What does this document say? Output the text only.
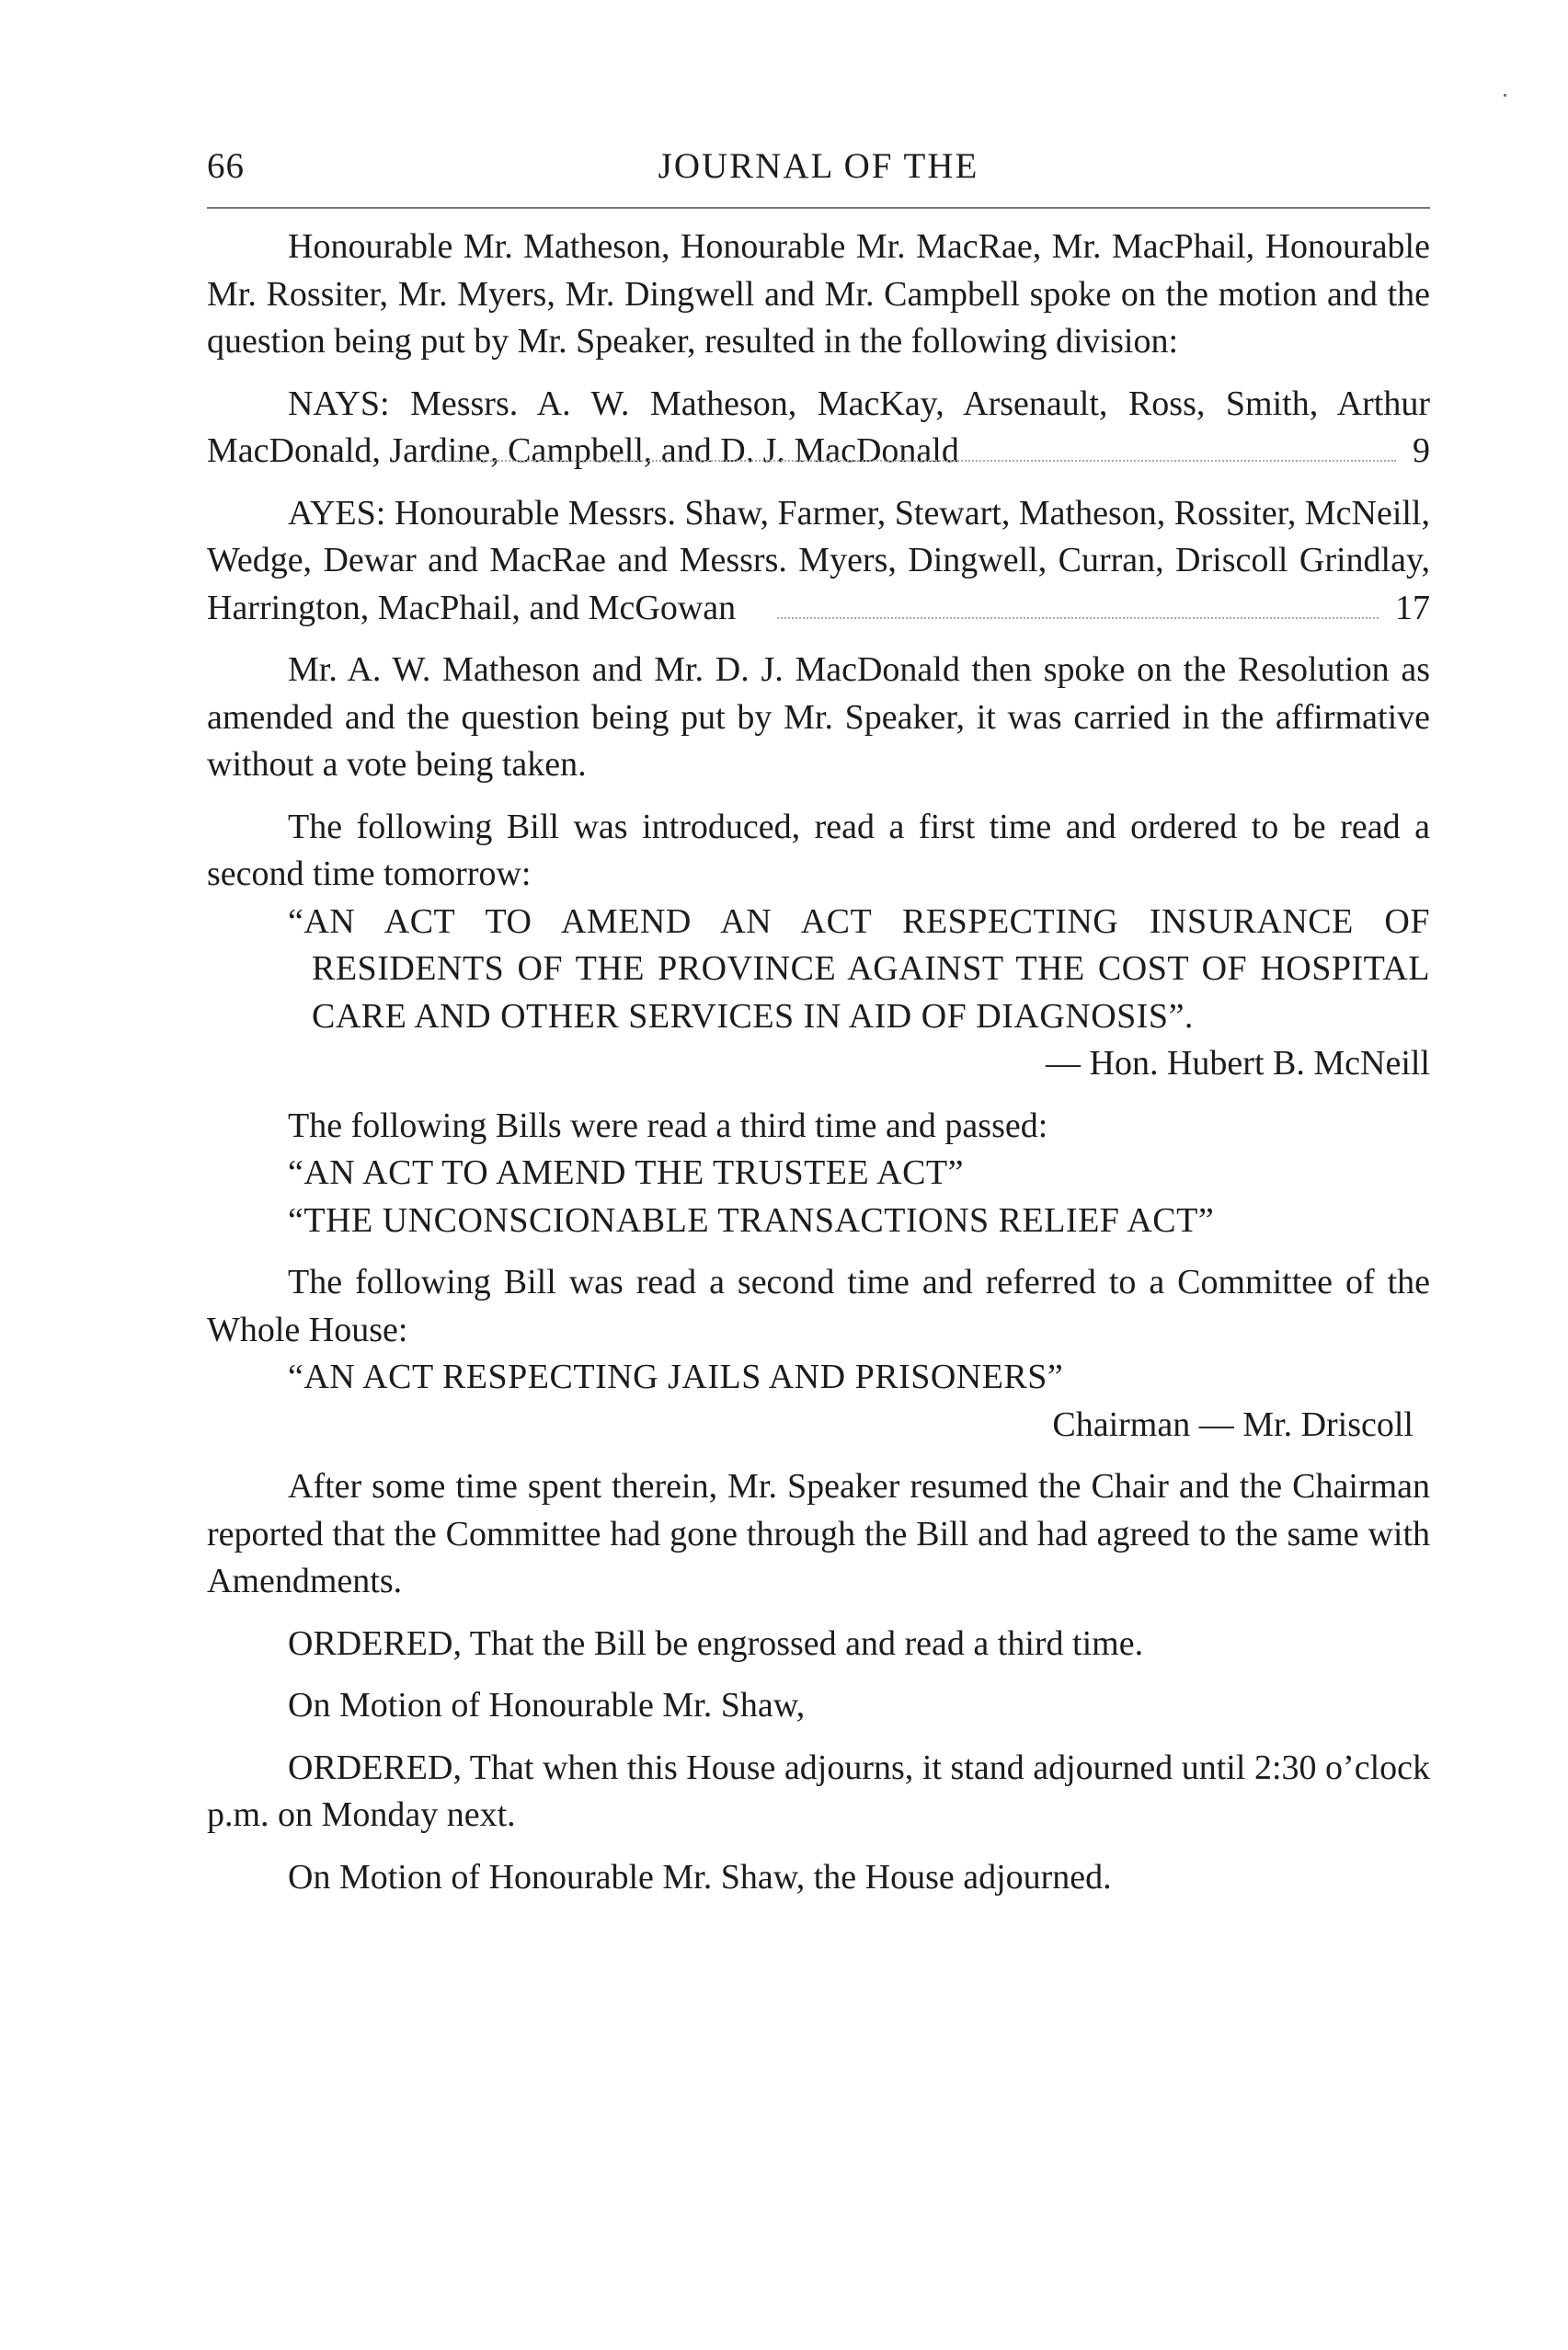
66	JOURNAL OF THE

Honourable Mr. Matheson, Honourable Mr. MacRae, Mr. MacPhail, Honourable Mr. Rossiter, Mr. Myers, Mr. Dingwell and Mr. Campbell spoke on the motion and the question being put by Mr. Speaker, resulted in the following division:

NAYS: Messrs. A. W. Matheson, MacKay, Arsenault, Ross, Smith, Arthur MacDonald, Jardine, Campbell, and D. J. MacDonald	9
AYES: Honourable Messrs. Shaw, Farmer, Stewart, Matheson, Rossiter, McNeill, Wedge, Dewar and MacRae and Messrs. Myers, Dingwell, Curran, Driscoll Grindlay, Harrington, MacPhail, and McGowan	17

Mr. A. W. Matheson and Mr. D. J. MacDonald then spoke on the Resolution as amended and the question being put by Mr. Speaker, it was carried in the affirmative without a vote being taken.

The following Bill was introduced, read a first time and ordered to be read a second time tomorrow:

“AN ACT TO AMEND AN ACT RESPECTING INSURANCE OF RESIDENTS OF THE PROVINCE AGAINST THE COST OF HOSPITAL CARE AND OTHER SERVICES IN AID OF DIAGNOSIS”.

— Hon. Hubert B. McNeill

The following Bills were read a third time and passed:

“AN ACT TO AMEND THE TRUSTEE ACT”

“THE UNCONSCIONABLE TRANSACTIONS RELIEF ACT”

The following Bill was read a second time and referred to a Committee of the Whole House:

“AN ACT RESPECTING JAILS AND PRISONERS”

Chairman — Mr. Driscoll

After some time spent therein, Mr. Speaker resumed the Chair and the Chairman reported that the Committee had gone through the Bill and had agreed to the same with Amendments.

ORDERED, That the Bill be engrossed and read a third time.

On Motion of Honourable Mr. Shaw,

ORDERED, That when this House adjourns, it stand adjourned until 2:30 o’clock p.m. on Monday next.

On Motion of Honourable Mr. Shaw, the House adjourned.
